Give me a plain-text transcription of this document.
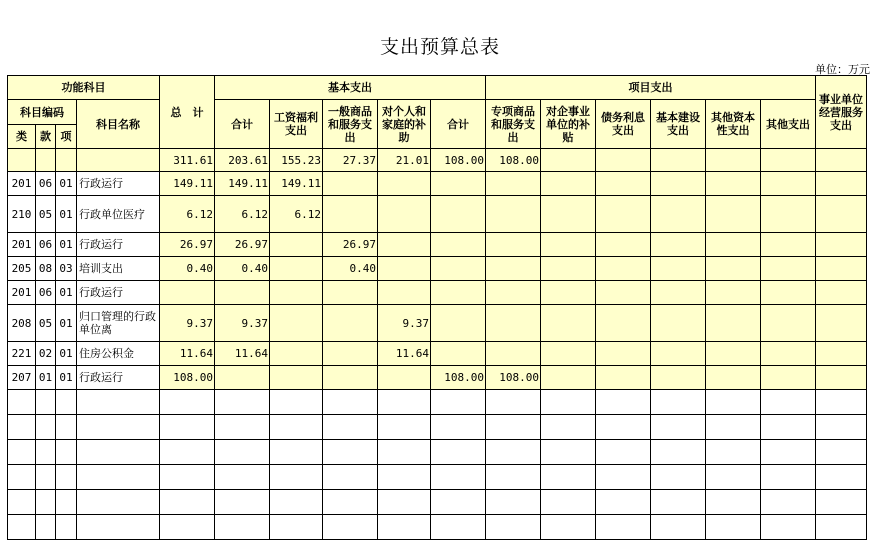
支出预算总表
单位：万元
功能科目				总　计	基本支出					项目支出						事业单位经营服务支出
科目编码			科目名称		合计	工资福利支出	一般商品和服务支出	对个人和家庭的补助	合计	专项商品和服务支出	对企事业单位的补贴	债务利息支出	基本建设支出	其他资本性支出	其他支出	
类	款	项														
				311.61	203.61	155.23	27.37	21.01	108.00	108.00						
201	06	01	行政运行	149.11	149.11	149.11										
210	05	01	行政单位医疗	6.12	6.12	6.12										
201	06	01	行政运行	26.97	26.97		26.97									
205	08	03	培训支出	0.40	0.40		0.40									
201	06	01	行政运行													
208	05	01	归口管理的行政单位离	9.37	9.37			9.37								
221	02	01	住房公积金	11.64	11.64			11.64								
207	01	01	行政运行	108.00					108.00	108.00						
